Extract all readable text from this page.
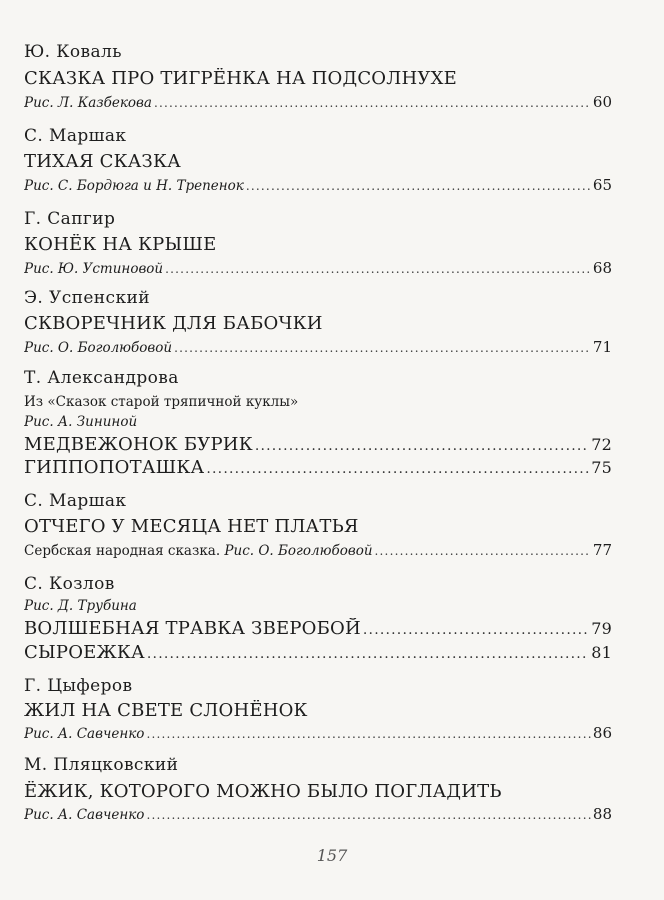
Ю. Коваль
СКАЗКА ПРО ТИГРЁНКА НА ПОДСОЛНУХЕ
Рис. Л. Казбекова .....	60
С. Маршак
ТИХАЯ СКАЗКА
Рис. С. Бордюга и Н. Трепенок .....	65
Г. Сапгир
КОНЁК НА КРЫШЕ
Рис. Ю. Устиновой .....	68
Э. Успенский
СКВОРЕЧНИК ДЛЯ БАБОЧКИ
Рис. О. Боголюбовой .....	71
Т. Александрова
Из «Сказок старой тряпичной куклы»
Рис. А. Зининой
МЕДВЕЖОНОК БУРИК .....	72
ГИППОПОТАШКА .....	75
С. Маршак
ОТЧЕГО У МЕСЯЦА НЕТ ПЛАТЬЯ
Сербская народная сказка.
Рис. О. Боголюбовой .....	77
С. Козлов
Рис. Д. Трубина
ВОЛШЕБНАЯ ТРАВКА ЗВЕРОБОЙ .....	79
СЫРОЕЖКА .....	81
Г. Цыферов
ЖИЛ НА СВЕТЕ СЛОНЁНОК
Рис. А. Савченко .....	86
М. Пляцковский
ЁЖИК, КОТОРОГО МОЖНО БЫЛО ПОГЛАДИТЬ
Рис. А. Савченко .....	88
157
